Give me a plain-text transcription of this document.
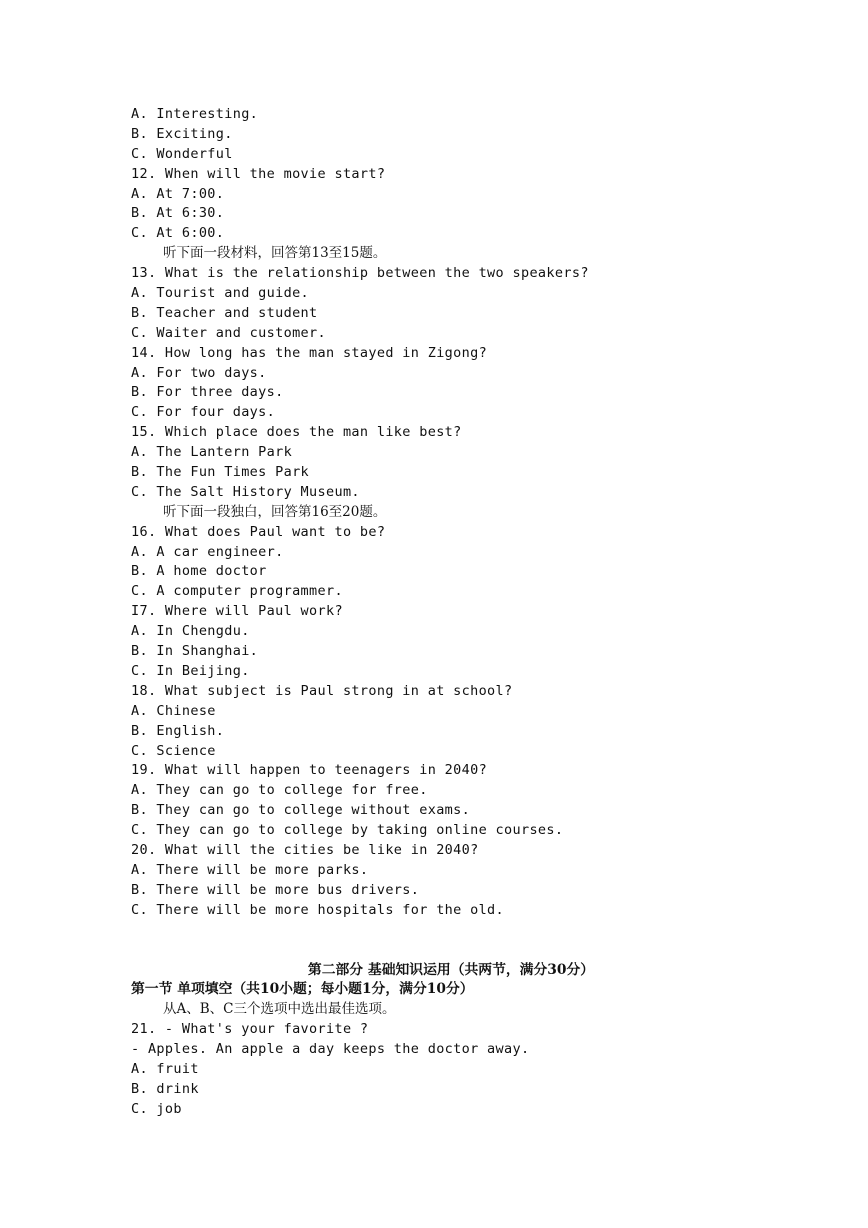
A. Interesting.
B. Exciting.
C. Wonderful
12. When will the movie start?
A. At 7:00.
B. At 6:30.
C. At 6:00.
听下面一段材料，回答第13至15题。
13. What is the relationship between the two speakers?
A. Tourist and guide.
B. Teacher and student
C. Waiter and customer.
14. How long has the man stayed in Zigong?
A. For two days.
B. For three days.
C. For four days.
15. Which place does the man like best?
A. The Lantern Park
B. The Fun Times Park
C. The Salt History Museum.
听下面一段独白，回答第16至20题。
16. What does Paul want to be?
A. A car engineer.
B. A home doctor
C. A computer programmer.
I7. Where will Paul work?
A. In Chengdu.
B. In Shanghai.
C. In Beijing.
18. What subject is Paul strong in at school?
A. Chinese
B. English.
C. Science
19. What will happen to teenagers in 2040?
A. They can go to college for free.
B. They can go to college without exams.
C. They can go to college by taking online courses.
20. What will the cities be like in 2040?
A. There will be more parks.
B. There will be more bus drivers.
C. There will be more hospitals for the old.
第二部分 基础知识运用（共两节，满分30分）
第一节 单项填空（共10小题；每小题1分，满分10分）
从A、B、C三个选项中选出最佳选项。
21. - What's your favorite ?
- Apples. An apple a day keeps the doctor away.
A. fruit
B. drink
C. job
